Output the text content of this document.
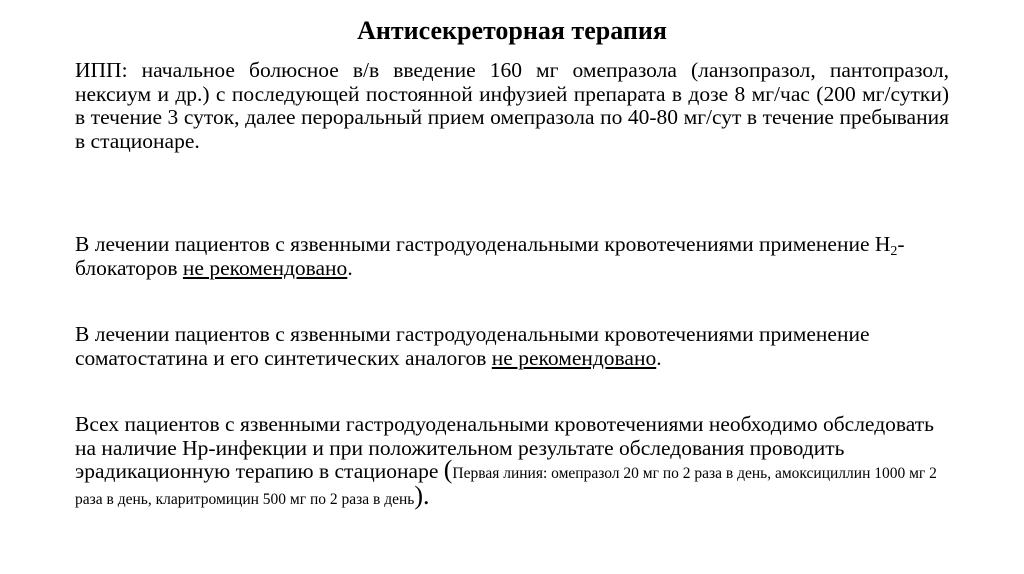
Антисекреторная терапия

ИПП: начальное болюсное в/в введение 160 мг омепразола (ланзопразол, пантопразол, нексиум и др.) с последующей постоянной инфузией препарата в дозе 8 мг/час (200 мг/сутки) в течение 3 суток, далее пероральный прием омепразола по 40-80 мг/сут в течение пребывания в стационаре.

В лечении пациентов с язвенными гастродуоденальными кровотечениями применение $H_2$-блокаторов не рекомендовано.

В лечении пациентов с язвенными гастродуоденальными кровотечениями применение соматостатина и его синтетических аналогов не рекомендовано.

Всех пациентов с язвенными гастродуоденальными кровотечениями необходимо обследовать на наличие Нр-инфекции и при положительном результате обследования проводить эрадикационную терапию в стационаре (Первая линия: омепразол 20 мг по 2 раза в день, амоксициллин 1000 мг 2 раза в день, кларитромицин 500 мг по 2 раза в день).
